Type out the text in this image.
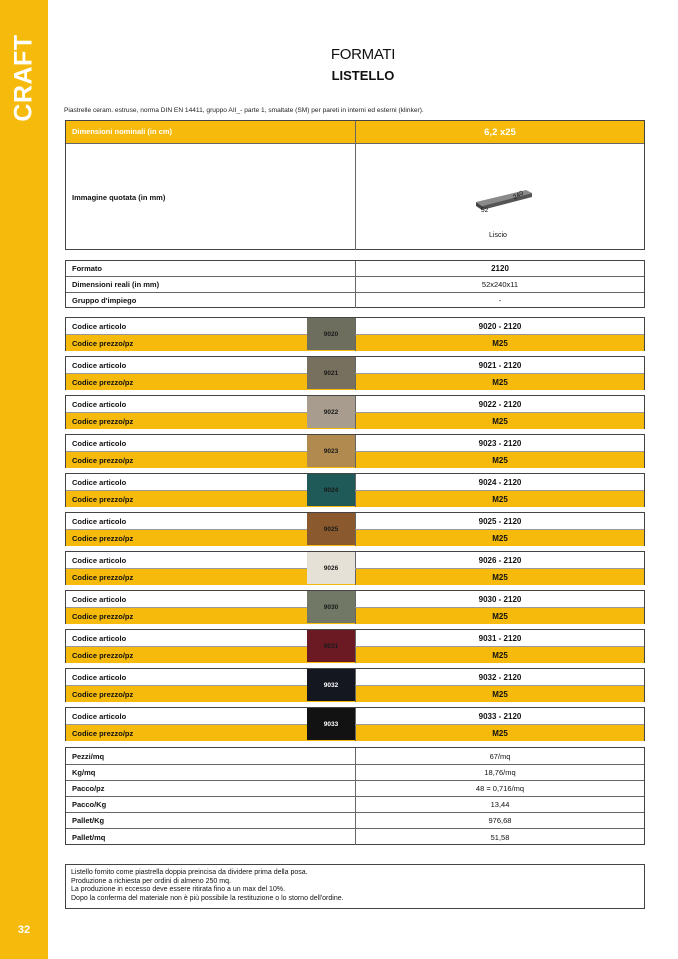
CRAFT
32
FORMATI
LISTELLO
Piastrelle ceram. estruse, norma DIN EN 14411, gruppo AII_- parte 1, smaltate (SM) per pareti in interni ed esterni (klinker).
Dimensioni nominali (in cm)	6,2 x25
Immagine quotata (in mm)
52
240
Liscio
Formato	2120
Dimensioni reali (in mm)	52x240x11
Gruppo d'impiego	-
Codice articolo	9020 - 2120
Codice prezzo/pz	M25
9020
Codice articolo	9021 - 2120
Codice prezzo/pz	M25
9021
Codice articolo	9022 - 2120
Codice prezzo/pz	M25
9022
Codice articolo	9023 - 2120
Codice prezzo/pz	M25
9023
Codice articolo	9024 - 2120
Codice prezzo/pz	M25
9024
Codice articolo	9025 - 2120
Codice prezzo/pz	M25
9025
Codice articolo	9026 - 2120
Codice prezzo/pz	M25
9026
Codice articolo	9030 - 2120
Codice prezzo/pz	M25
9030
Codice articolo	9031 - 2120
Codice prezzo/pz	M25
9031
Codice articolo	9032 - 2120
Codice prezzo/pz	M25
9032
Codice articolo	9033 - 2120
Codice prezzo/pz	M25
9033
Pezzi/mq	67/mq
Kg/mq	18,76/mq
Pacco/pz	48 = 0,716/mq
Pacco/Kg	13,44
Pallet/Kg	976,68
Pallet/mq	51,58
Listello fornito come piastrella doppia preincisa da dividere prima della posa.
Produzione a richiesta per ordini di almeno 250 mq.
La produzione in eccesso deve essere ritirata fino a un max del 10%.
Dopo la conferma del materiale non è più possibile la restituzione o lo storno dell'ordine.
